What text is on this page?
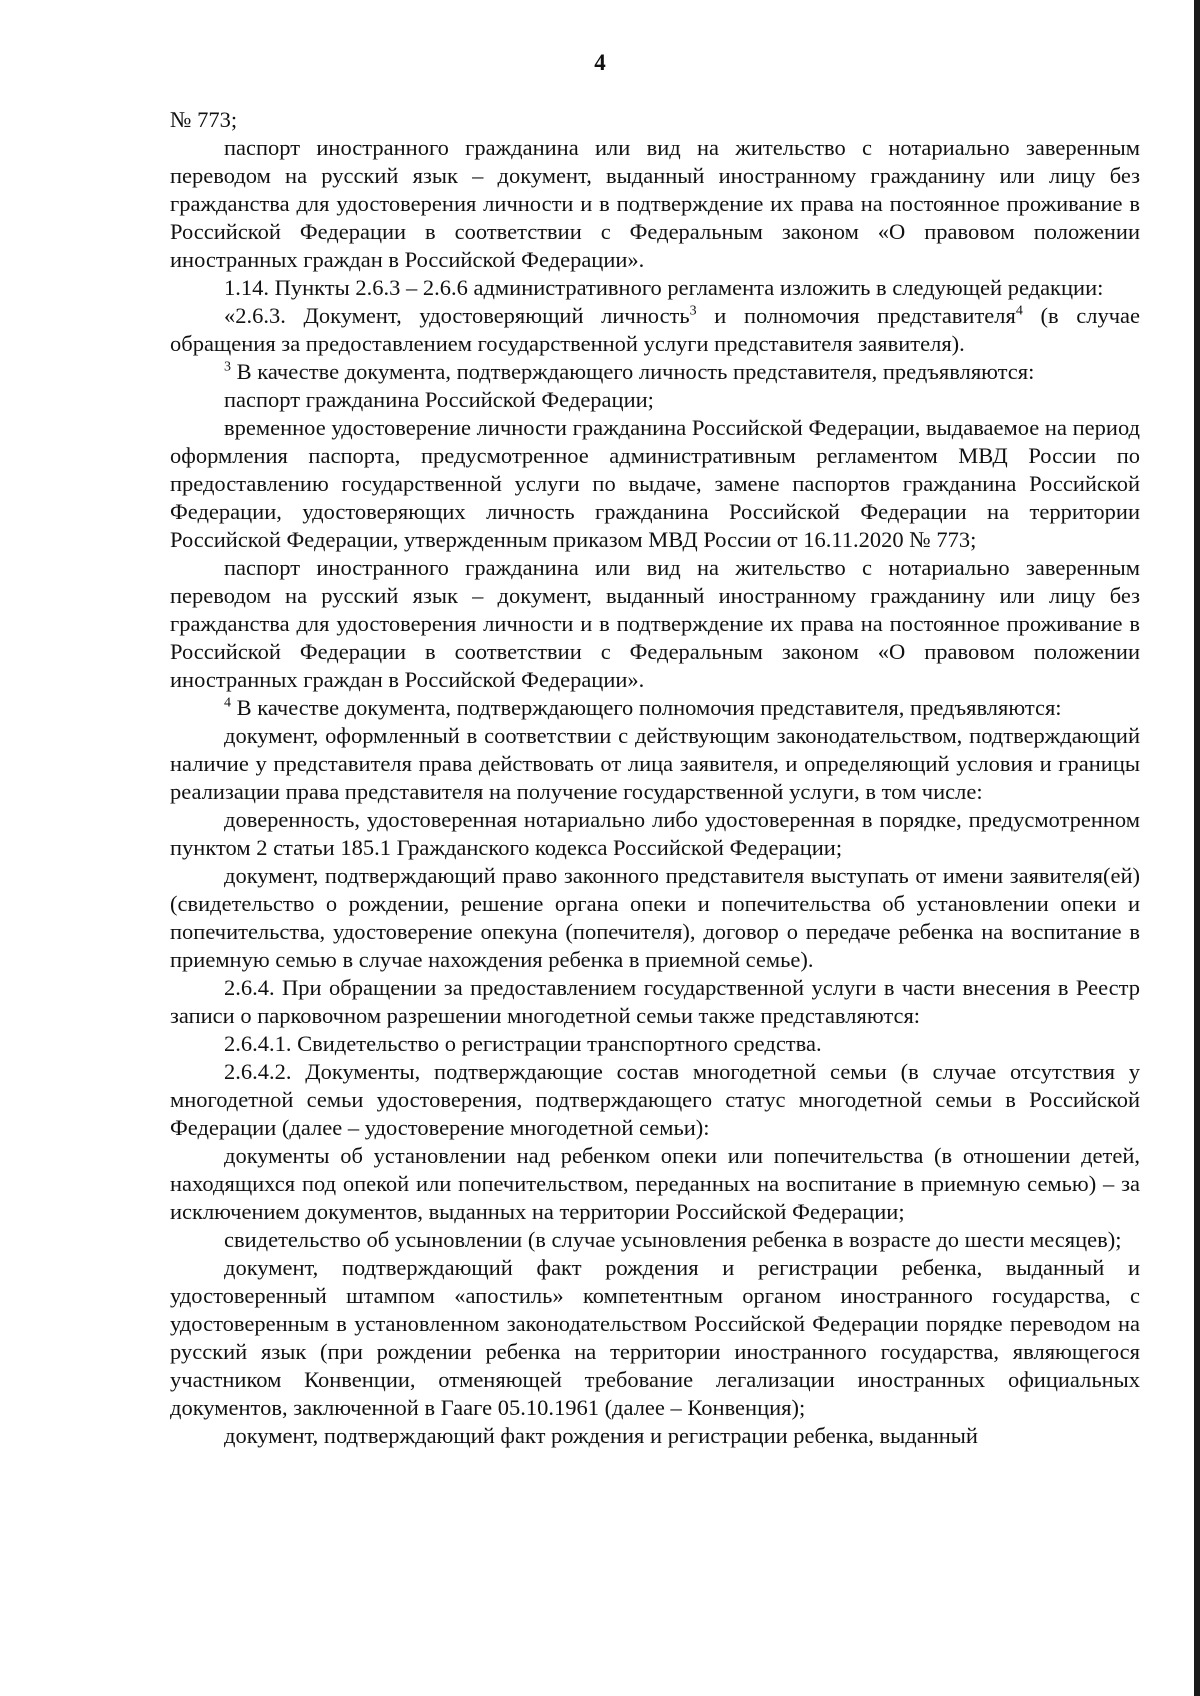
4

№ 773;

паспорт иностранного гражданина или вид на жительство с нотариально заверенным переводом на русский язык – документ, выданный иностранному гражданину или лицу без гражданства для удостоверения личности и в подтверждение их права на постоянное проживание в Российской Федерации в соответствии с Федеральным законом «О правовом положении иностранных граждан в Российской Федерации».

1.14. Пункты 2.6.3 – 2.6.6 административного регламента изложить в следующей редакции:

«2.6.3. Документ, удостоверяющий личность$^3$ и полномочия представителя$^4$ (в случае обращения за предоставлением государственной услуги представителя заявителя).

$^3$ В качестве документа, подтверждающего личность представителя, предъявляются:

паспорт гражданина Российской Федерации;

временное удостоверение личности гражданина Российской Федерации, выдаваемое на период оформления паспорта, предусмотренное административным регламентом МВД России по предоставлению государственной услуги по выдаче, замене паспортов гражданина Российской Федерации, удостоверяющих личность гражданина Российской Федерации на территории Российской Федерации, утвержденным приказом МВД России от 16.11.2020 № 773;

паспорт иностранного гражданина или вид на жительство с нотариально заверенным переводом на русский язык – документ, выданный иностранному гражданину или лицу без гражданства для удостоверения личности и в подтверждение их права на постоянное проживание в Российской Федерации в соответствии с Федеральным законом «О правовом положении иностранных граждан в Российской Федерации».

$^4$ В качестве документа, подтверждающего полномочия представителя, предъявляются:

документ, оформленный в соответствии с действующим законодательством, подтверждающий наличие у представителя права действовать от лица заявителя, и определяющий условия и границы реализации права представителя на получение государственной услуги, в том числе:

доверенность, удостоверенная нотариально либо удостоверенная в порядке, предусмотренном пунктом 2 статьи 185.1 Гражданского кодекса Российской Федерации;

документ, подтверждающий право законного представителя выступать от имени заявителя(ей) (свидетельство о рождении, решение органа опеки и попечительства об установлении опеки и попечительства, удостоверение опекуна (попечителя), договор о передаче ребенка на воспитание в приемную семью в случае нахождения ребенка в приемной семье).

2.6.4. При обращении за предоставлением государственной услуги в части внесения в Реестр записи о парковочном разрешении многодетной семьи также представляются:

2.6.4.1. Свидетельство о регистрации транспортного средства.

2.6.4.2. Документы, подтверждающие состав многодетной семьи (в случае отсутствия у многодетной семьи удостоверения, подтверждающего статус многодетной семьи в Российской Федерации (далее – удостоверение многодетной семьи):

документы об установлении над ребенком опеки или попечительства (в отношении детей, находящихся под опекой или попечительством, переданных на воспитание в приемную семью) – за исключением документов, выданных на территории Российской Федерации;

свидетельство об усыновлении (в случае усыновления ребенка в возрасте до шести месяцев);

документ, подтверждающий факт рождения и регистрации ребенка, выданный и удостоверенный штампом «апостиль» компетентным органом иностранного государства, с удостоверенным в установленном законодательством Российской Федерации порядке переводом на русский язык (при рождении ребенка на территории иностранного государства, являющегося участником Конвенции, отменяющей требование легализации иностранных официальных документов, заключенной в Гааге 05.10.1961 (далее – Конвенция);

документ, подтверждающий факт рождения и регистрации ребенка, выданный
